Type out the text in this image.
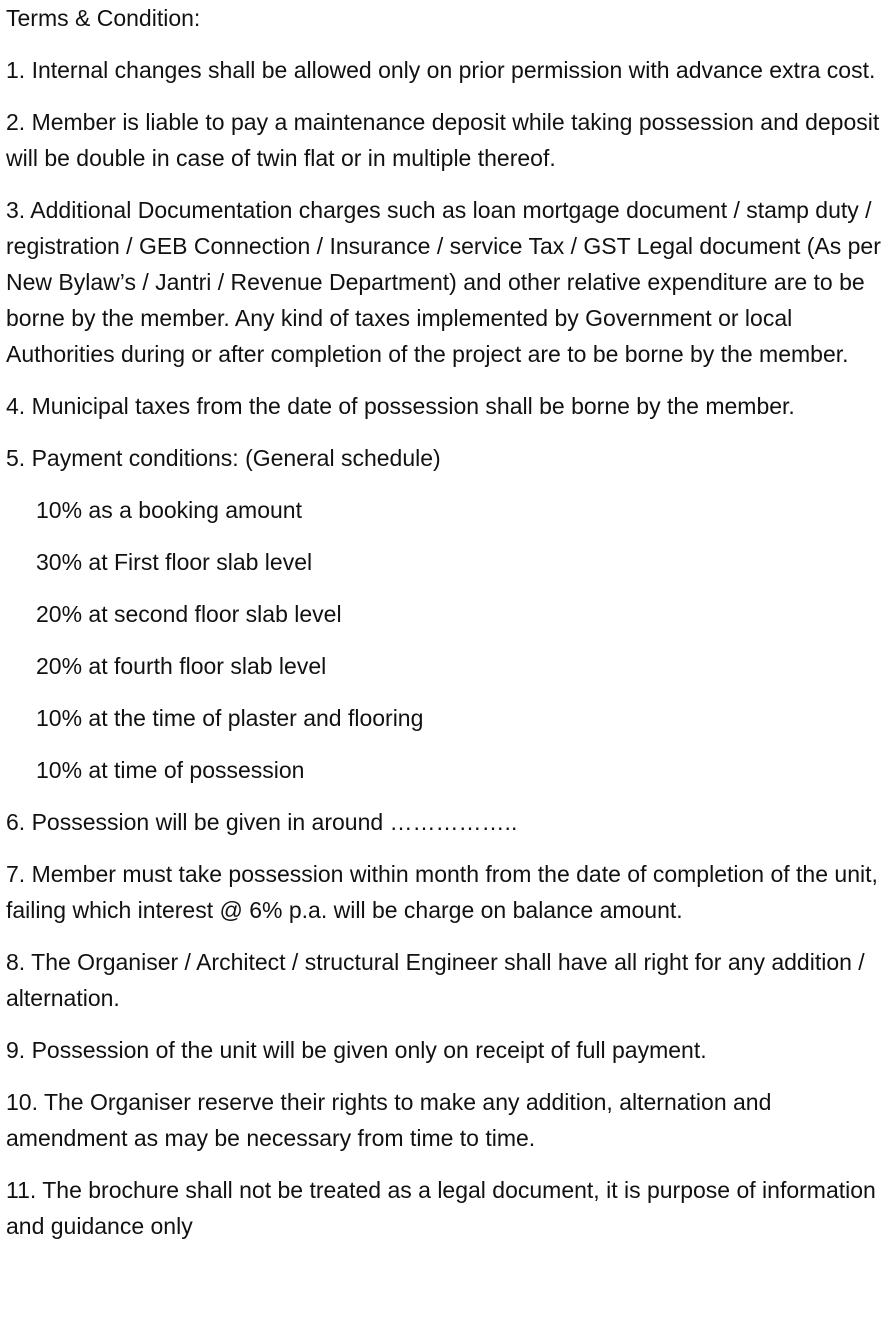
Terms & Condition:

1. Internal changes shall be allowed only on prior permission with advance extra cost.

2. Member is liable to pay a maintenance deposit while taking possession and deposit will be double in case of twin flat or in multiple thereof.

3. Additional Documentation charges such as loan mortgage document / stamp duty / registration / GEB Connection / Insurance / service Tax / GST Legal document (As per New Bylaw’s / Jantri / Revenue Department) and other relative expenditure are to be borne by the member. Any kind of taxes implemented by Government or local Authorities during or after completion of the project are to be borne by the member.

4. Municipal taxes from the date of possession shall be borne by the member.

5. Payment conditions: (General schedule)

10% as a booking amount

30% at First floor slab level

20% at second floor slab level

20% at fourth floor slab level

10% at the time of plaster and flooring

10% at time of possession

6. Possession will be given in around ……………..

7. Member must take possession within month from the date of completion of the unit, failing which interest @ 6% p.a. will be charge on balance amount.

8. The Organiser / Architect / structural Engineer shall have all right for any addition / alternation.

9. Possession of the unit will be given only on receipt of full payment.

10. The Organiser reserve their rights to make any addition, alternation and amendment as may be necessary from time to time.

11. The brochure shall not be treated as a legal document, it is purpose of information and guidance only
